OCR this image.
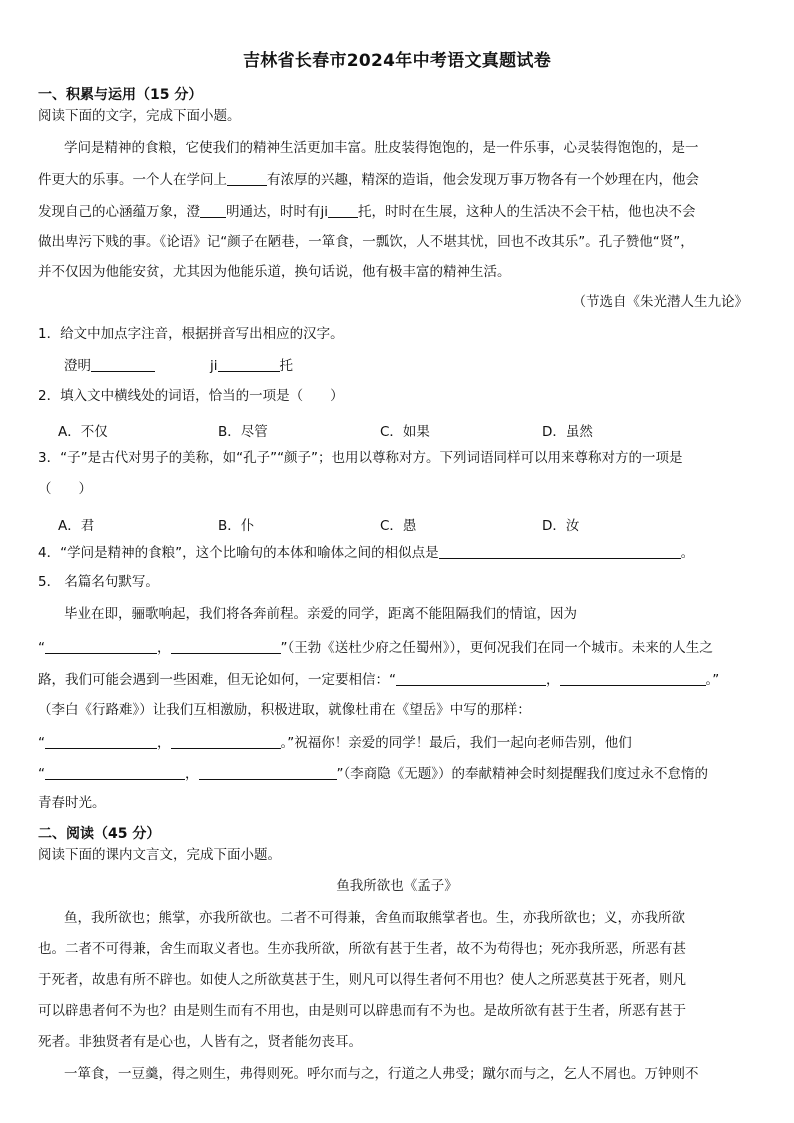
吉林省长春市2024年中考语文真题试卷
一、积累与运用（15 分）
阅读下面的文字，完成下面小题。
学问是精神的食粮，它使我们的精神生活更加丰富。肚皮装得饱饱的，是一件乐事，心灵装得饱饱的，是一
件更大的乐事。一个人在学问上	有浓厚的兴趣，精深的造诣，他会发现万事万物各有一个妙理在内，他会
发现自己的心涵蕴万象，澄 明通达，时时有ji 托，时时在生展，这种人的生活决不会干枯，他也决不会
做出卑污下贱的事。《论语》记“颜子在陋巷，一箪食，一瓢饮，人不堪其忧，回也不改其乐”。孔子赞他“贤”，
并不仅因为他能安贫，尤其因为他能乐道，换句话说，他有极丰富的精神生活。
（节选自《朱光潜人生九论》
1．给文中加点字注音，根据拼音写出相应的汉字。
澄明	ji	托
2．填入文中横线处的词语，恰当的一项是（　　）
A．不仅	B．尽管	C．如果	D．虽然
3．“子”是古代对男子的美称，如“孔子”“颜子”；也用以尊称对方。下列词语同样可以用来尊称对方的一项是
（　　）
A．君	B．仆	C．愚	D．汝
4．“学问是精神的食粮”，这个比喻句的本体和喻体之间的相似点是	。
5． 名篇名句默写。
毕业在即，骊歌响起，我们将各奔前程。亲爱的同学，距离不能阻隔我们的情谊，因为
“	，	”（王勃《送杜少府之任蜀州》），更何况我们在同一个城市。未来的人生之
路，我们可能会遇到一些困难，但无论如何，一定要相信：“	，	。”
（李白《行路难》）让我们互相激励，积极进取，就像杜甫在《望岳》中写的那样：
“	，	。”祝福你！亲爱的同学！最后，我们一起向老师告别，他们
“	，	”（李商隐《无题》）的奉献精神会时刻提醒我们度过永不怠惰的
青春时光。
二、阅读（45 分）
阅读下面的课内文言文，完成下面小题。
鱼我所欲也《孟子》
鱼，我所欲也；熊掌，亦我所欲也。二者不可得兼，舍鱼而取熊掌者也。生，亦我所欲也；义，亦我所欲
也。二者不可得兼，舍生而取义者也。生亦我所欲，所欲有甚于生者，故不为苟得也；死亦我所恶，所恶有甚
于死者，故患有所不辟也。如使人之所欲莫甚于生，则凡可以得生者何不用也？使人之所恶莫甚于死者，则凡
可以辟患者何不为也？由是则生而有不用也，由是则可以辟患而有不为也。是故所欲有甚于生者，所恶有甚于
死者。非独贤者有是心也，人皆有之，贤者能勿丧耳。
一箪食，一豆羹，得之则生，弗得则死。呼尔而与之，行道之人弗受；蹴尔而与之，乞人不屑也。万钟则不
